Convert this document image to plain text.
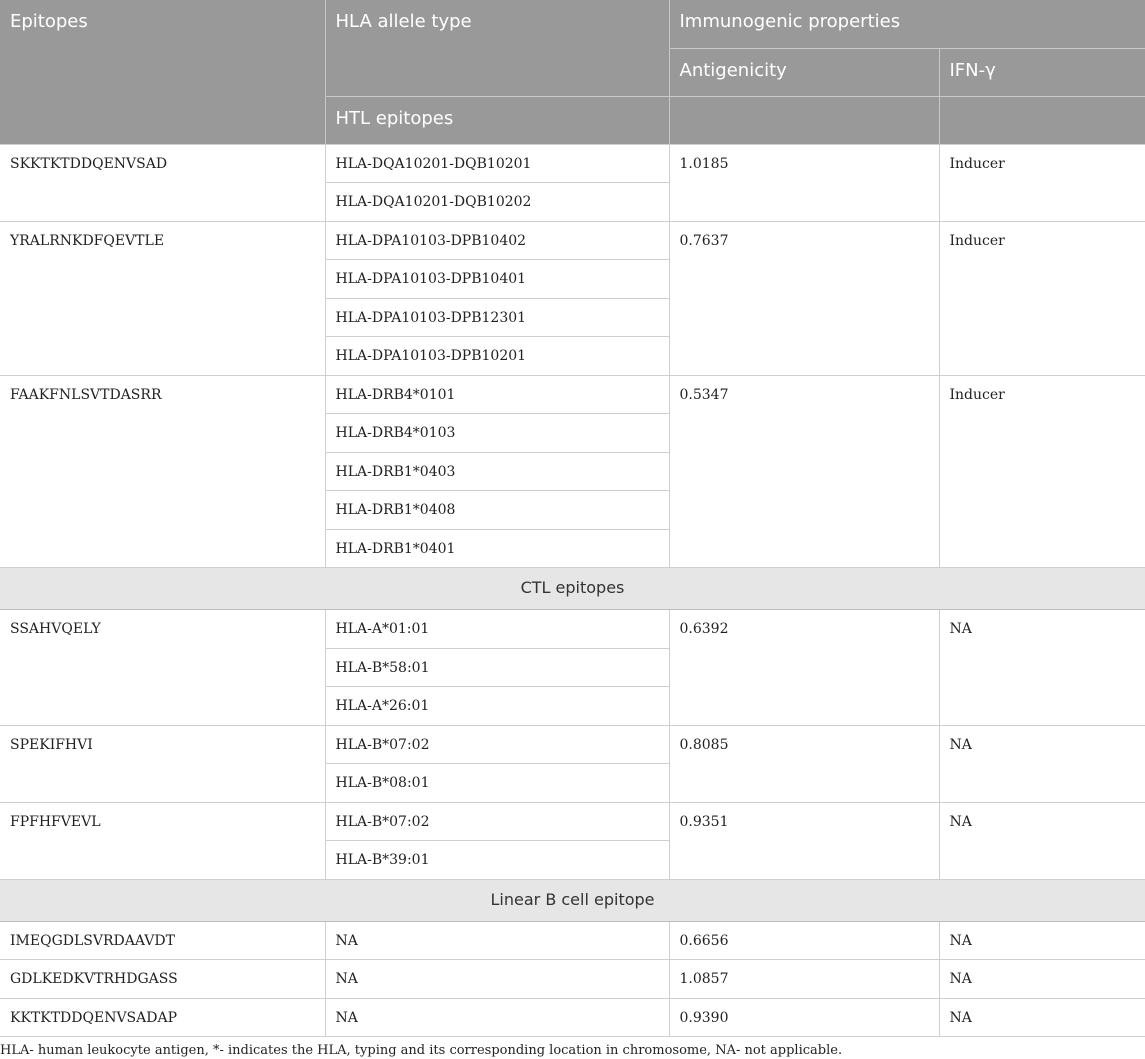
Epitopes	HLA allele type	Immunogenic properties	
		Antigenicity	IFN-γ
	HTL epitopes		
SKKTKTDDQENVSAD	HLA-DQA10201-DQB10201	1.0185	Inducer
	HLA-DQA10201-DQB10202		
YRALRNKDFQEVTLE	HLA-DPA10103-DPB10402	0.7637	Inducer
	HLA-DPA10103-DPB10401		
	HLA-DPA10103-DPB12301		
	HLA-DPA10103-DPB10201		
FAAKFNLSVTDASRR	HLA-DRB4*0101	0.5347	Inducer
	HLA-DRB4*0103		
	HLA-DRB1*0403		
	HLA-DRB1*0408		
	HLA-DRB1*0401		
CTL epitopes			
SSAHVQELY	HLA-A*01:01	0.6392	NA
	HLA-B*58:01		
	HLA-A*26:01		
SPEKIFHVI	HLA-B*07:02	0.8085	NA
	HLA-B*08:01		
FPFHFVEVL	HLA-B*07:02	0.9351	NA
	HLA-B*39:01		
Linear B cell epitope			
IMEQGDLSVRDAAVDT	NA	0.6656	NA
GDLKEDKVTRHDGASS	NA	1.0857	NA
KKTKTDDQENVSADAP	NA	0.9390	NA
HLA- human leukocyte antigen, *- indicates the HLA, typing and its corresponding location in chromosome, NA- not applicable.
